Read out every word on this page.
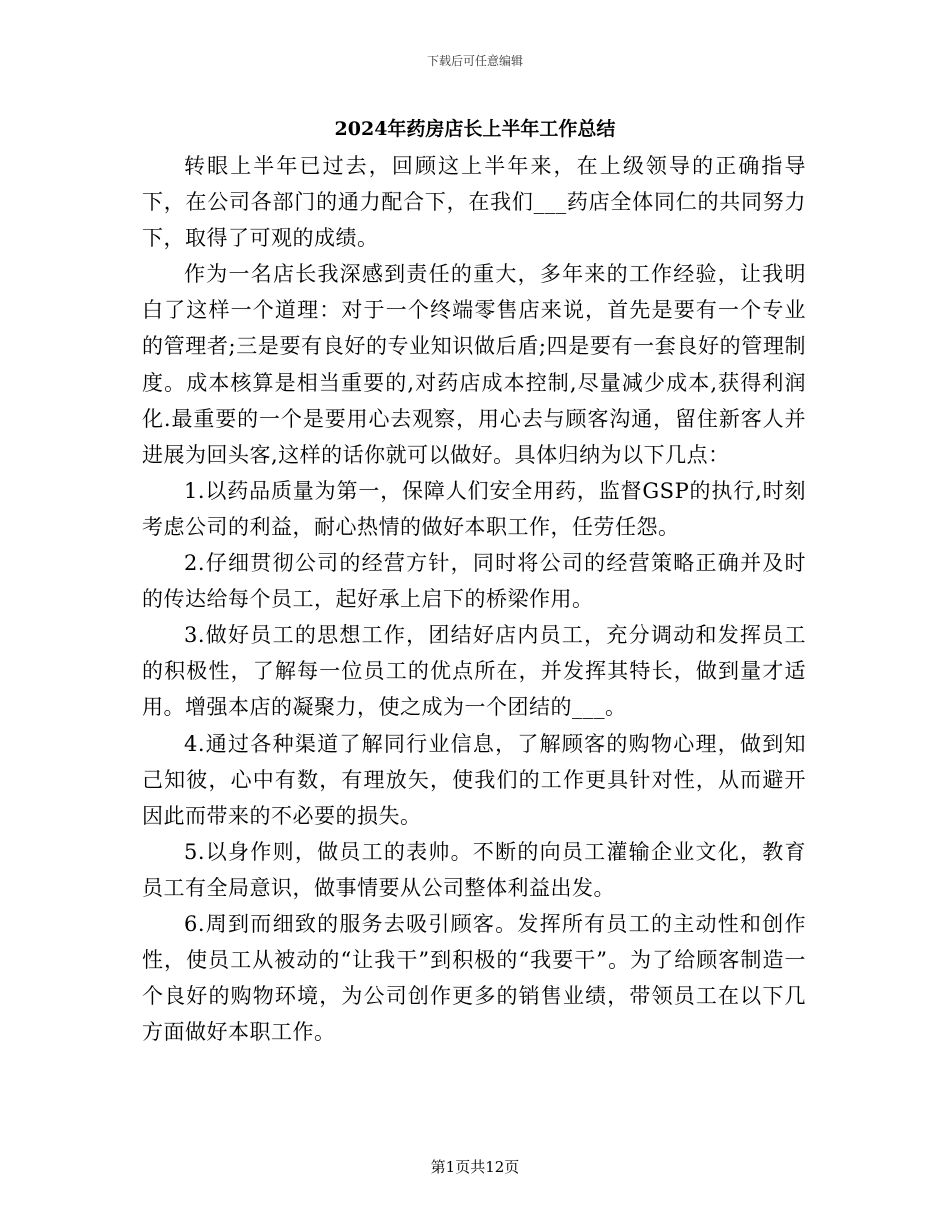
下载后可任意编辑
2024年药房店长上半年工作总结

转眼上半年已过去，回顾这上半年来，在上级领导的正确指导下，在公司各部门的通力配合下，在我们___药店全体同仁的共同努力下，取得了可观的成绩。

作为一名店长我深感到责任的重大，多年来的工作经验，让我明白了这样一个道理：对于一个终端零售店来说，首先是要有一个专业的管理者;三是要有良好的专业知识做后盾;四是要有一套良好的管理制度。成本核算是相当重要的,对药店成本控制,尽量减少成本,获得利润化.最重要的一个是要用心去观察，用心去与顾客沟通，留住新客人并进展为回头客,这样的话你就可以做好。具体归纳为以下几点：

1.以药品质量为第一，保障人们安全用药，监督GSP的执行,时刻考虑公司的利益，耐心热情的做好本职工作，任劳任怨。

2.仔细贯彻公司的经营方针，同时将公司的经营策略正确并及时的传达给每个员工，起好承上启下的桥梁作用。

3.做好员工的思想工作，团结好店内员工，充分调动和发挥员工的积极性，了解每一位员工的优点所在，并发挥其特长，做到量才适用。增强本店的凝聚力，使之成为一个团结的___。

4.通过各种渠道了解同行业信息，了解顾客的购物心理，做到知己知彼，心中有数，有理放矢，使我们的工作更具针对性，从而避开因此而带来的不必要的损失。

5.以身作则，做员工的表帅。不断的向员工灌输企业文化，教育员工有全局意识，做事情要从公司整体利益出发。

6.周到而细致的服务去吸引顾客。发挥所有员工的主动性和创作性，使员工从被动的“让我干”到积极的“我要干”。为了给顾客制造一个良好的购物环境，为公司创作更多的销售业绩，带领员工在以下几方面做好本职工作。

第1页共12页
